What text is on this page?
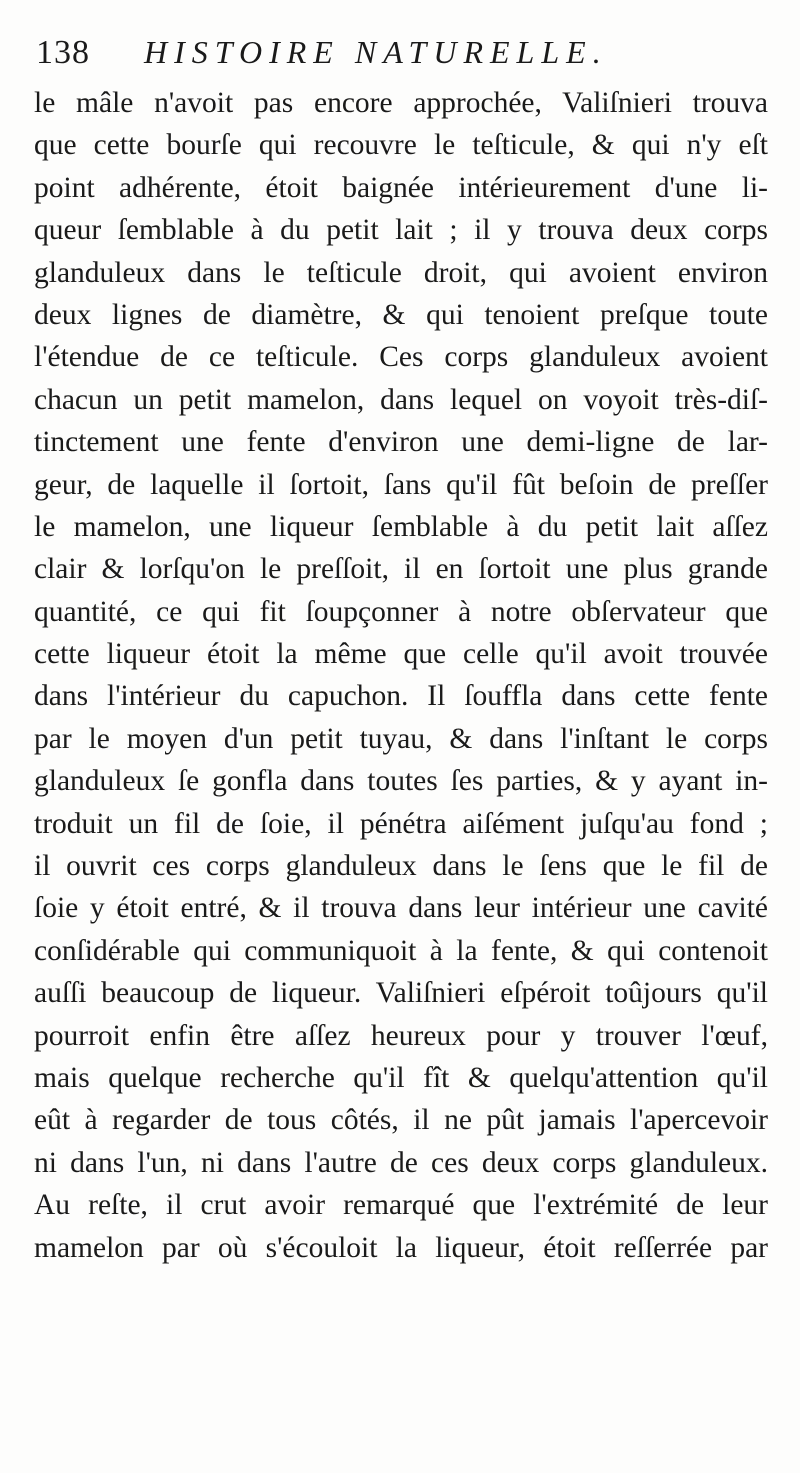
138 HISTOIRE NATURELLE.
le mâle n'avoit pas encore approchée, Valiſnieri trouva
que cette bourſe qui recouvre le teſticule, & qui n'y eſt
point adhérente, étoit baignée intérieurement d'une li-
queur ſemblable à du petit lait ; il y trouva deux corps
glanduleux dans le teſticule droit, qui avoient environ
deux lignes de diamètre, & qui tenoient preſque toute
l'étendue de ce teſticule. Ces corps glanduleux avoient
chacun un petit mamelon, dans lequel on voyoit très-diſ-
tinctement une fente d'environ une demi-ligne de lar-
geur, de laquelle il ſortoit, ſans qu'il fût beſoin de preſſer
le mamelon, une liqueur ſemblable à du petit lait aſſez
clair & lorſqu'on le preſſoit, il en ſortoit une plus grande
quantité, ce qui fit ſoupçonner à notre obſervateur que
cette liqueur étoit la même que celle qu'il avoit trouvée
dans l'intérieur du capuchon. Il ſouffla dans cette fente
par le moyen d'un petit tuyau, & dans l'inſtant le corps
glanduleux ſe gonfla dans toutes ſes parties, & y ayant in-
troduit un fil de ſoie, il pénétra aiſément juſqu'au fond ;
il ouvrit ces corps glanduleux dans le ſens que le fil de
ſoie y étoit entré, & il trouva dans leur intérieur une cavité
conſidérable qui communiquoit à la fente, & qui contenoit
auſſi beaucoup de liqueur. Valiſnieri eſpéroit toûjours qu'il
pourroit enfin être aſſez heureux pour y trouver l'œuf,
mais quelque recherche qu'il fît & quelqu'attention qu'il
eût à regarder de tous côtés, il ne pût jamais l'apercevoir
ni dans l'un, ni dans l'autre de ces deux corps glanduleux.
Au reſte, il crut avoir remarqué que l'extrémité de leur
mamelon par où s'écouloit la liqueur, étoit reſſerrée par
